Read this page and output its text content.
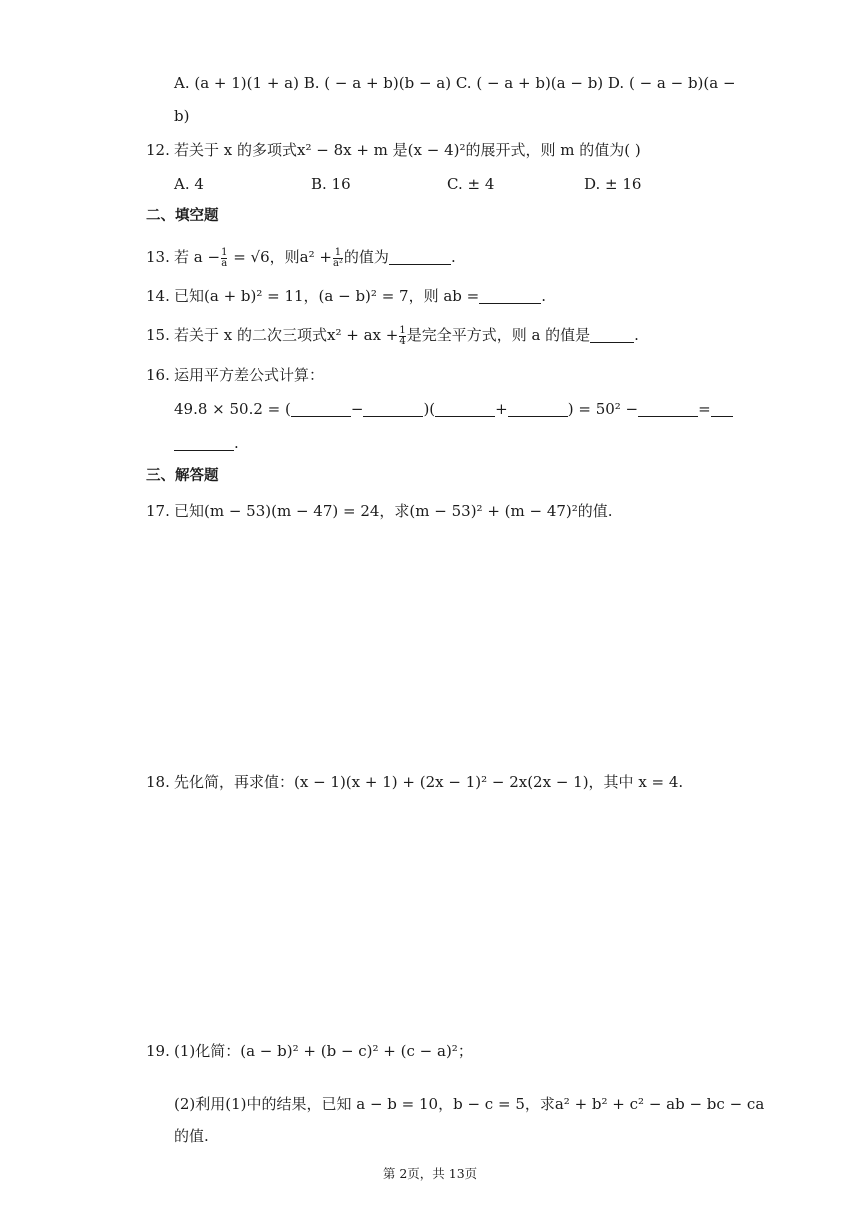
A. (a + 1)(1 + a) B. ( − a + b)(b − a) C. ( − a + b)(a − b) D. ( − a − b)(a −
b)
12. 若关于 x 的多项式x² − 8x + m 是(x − 4)²的展开式，则 m 的值为( )
A. 4	B. 16	C. ± 4	D. ± 16
二、填空题
13. 若 $a - \frac{1}{a} = √6$，则$a^2 + \frac{1}{\text{a²}}$ 的值为	.
14. 已知(a + b)² = 11，(a − b)² = 7，则 ab =	.
15. 若关于 x 的二次三项式x² + ax + $\frac{1}{4}$ 是完全平方式，则 a 的值是	.
16. 运用平方差公式计算：
49.8 × 50.2 = (	−	)(	+	) = 50² −	=
.
三、解答题
17. 已知(m − 53)(m − 47) = 24，求(m − 53)² + (m − 47)²的值.
18. 先化简，再求值：(x − 1)(x + 1) + (2x − 1)² − 2x(2x − 1)，其中 x = 4.
19. (1)化简：(a − b)² + (b − c)² + (c − a)²；
(2)利用(1)中的结果，已知 a − b = 10，b − c = 5，求a² + b² + c² − ab − bc − ca
的值.
第 2页，共 13页
